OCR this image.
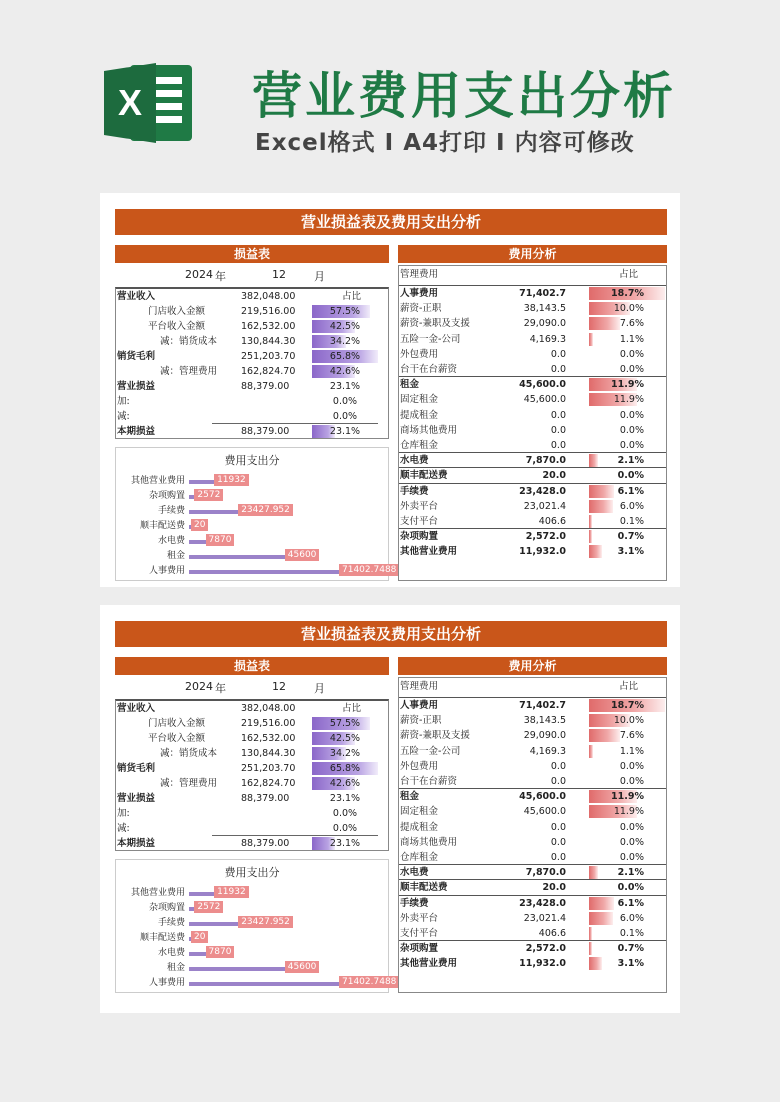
X 营业费用支出分析
Excel格式 I A4打印 I 内容可修改
营业损益表及费用支出分析
损益表	费用分析
2024 年	12	月
营业收入	382,048.00	占比
门店收入金额	219,516.00	57.5%
平台收入金额	162,532.00	42.5%
减：销货成本	130,844.30	34.2%
销货毛利	251,203.70	65.8%
减：管理费用	162,824.70	42.6%
营业损益	88,379.00	23.1%
加:	0.0%
减:	0.0%
本期损益	88,379.00	23.1%
费用支出分
其他营业费用	11932
杂项购置	2572
手续费	23427.952
顺丰配送费	20
水电费	7870
租金	45600
人事费用	71402.7488
管理费用	占比
人事费用	71,402.7	18.7%
薪资-正职	38,143.5	10.0%
薪资-兼职及支援	29,090.0	7.6%
五险一金-公司	4,169.3	1.1%
外包费用	0.0	0.0%
台干在台薪资	0.0	0.0%
租金	45,600.0	11.9%
固定租金	45,600.0	11.9%
提成租金	0.0	0.0%
商场其他费用	0.0	0.0%
仓库租金	0.0	0.0%
水电费	7,870.0	2.1%
顺丰配送费	20.0	0.0%
手续费	23,428.0	6.1%
外卖平台	23,021.4	6.0%
支付平台	406.6	0.1%
杂项购置	2,572.0	0.7%
其他营业费用	11,932.0	3.1%
营业损益表及费用支出分析
损益表	费用分析
2024 年	12	月
营业收入	382,048.00	占比
门店收入金额	219,516.00	57.5%
平台收入金额	162,532.00	42.5%
减：销货成本	130,844.30	34.2%
销货毛利	251,203.70	65.8%
减：管理费用	162,824.70	42.6%
营业损益	88,379.00	23.1%
加:	0.0%
减:	0.0%
本期损益	88,379.00	23.1%
费用支出分
其他营业费用	11932
杂项购置	2572
手续费	23427.952
顺丰配送费	20
水电费	7870
租金	45600
人事费用	71402.7488
管理费用	占比
人事费用	71,402.7	18.7%
薪资-正职	38,143.5	10.0%
薪资-兼职及支援	29,090.0	7.6%
五险一金-公司	4,169.3	1.1%
外包费用	0.0	0.0%
台干在台薪资	0.0	0.0%
租金	45,600.0	11.9%
固定租金	45,600.0	11.9%
提成租金	0.0	0.0%
商场其他费用	0.0	0.0%
仓库租金	0.0	0.0%
水电费	7,870.0	2.1%
顺丰配送费	20.0	0.0%
手续费	23,428.0	6.1%
外卖平台	23,021.4	6.0%
支付平台	406.6	0.1%
杂项购置	2,572.0	0.7%
其他营业费用	11,932.0	3.1%
